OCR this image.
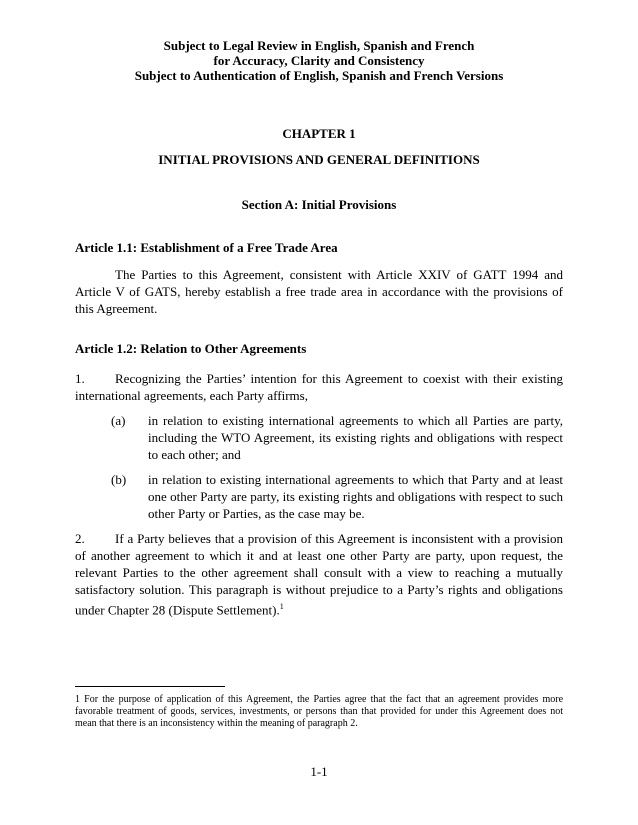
Subject to Legal Review in English, Spanish and French
for Accuracy, Clarity and Consistency
Subject to Authentication of English, Spanish and French Versions
CHAPTER 1
INITIAL PROVISIONS AND GENERAL DEFINITIONS
Section A: Initial Provisions
Article 1.1: Establishment of a Free Trade Area
The Parties to this Agreement, consistent with Article XXIV of GATT 1994 and Article V of GATS, hereby establish a free trade area in accordance with the provisions of this Agreement.
Article 1.2: Relation to Other Agreements
1. Recognizing the Parties’ intention for this Agreement to coexist with their existing international agreements, each Party affirms,
(a) in relation to existing international agreements to which all Parties are party, including the WTO Agreement, its existing rights and obligations with respect to each other; and
(b) in relation to existing international agreements to which that Party and at least one other Party are party, its existing rights and obligations with respect to such other Party or Parties, as the case may be.
2. If a Party believes that a provision of this Agreement is inconsistent with a provision of another agreement to which it and at least one other Party are party, upon request, the relevant Parties to the other agreement shall consult with a view to reaching a mutually satisfactory solution. This paragraph is without prejudice to a Party’s rights and obligations under Chapter 28 (Dispute Settlement).$^1$
1 For the purpose of application of this Agreement, the Parties agree that the fact that an agreement provides more favorable treatment of goods, services, investments, or persons than that provided for under this Agreement does not mean that there is an inconsistency within the meaning of paragraph 2.
1-1
